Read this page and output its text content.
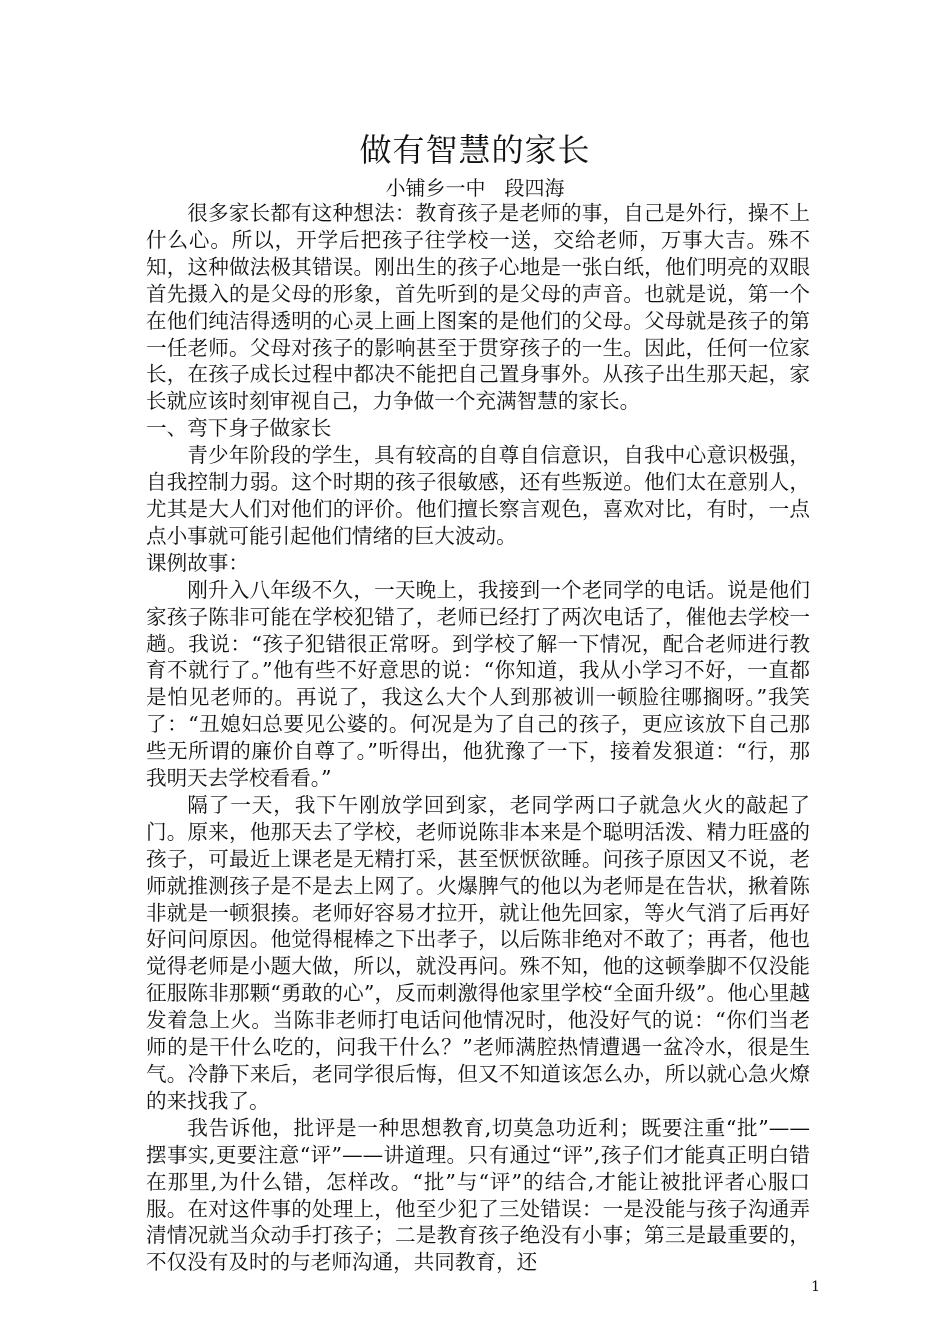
做有智慧的家长
小铺乡一中   段四海

很多家长都有这种想法：教育孩子是老师的事，自己是外行，操不上什么心。所以，开学后把孩子往学校一送，交给老师，万事大吉。殊不知，这种做法极其错误。刚出生的孩子心地是一张白纸，他们明亮的双眼首先摄入的是父母的形象，首先听到的是父母的声音。也就是说，第一个在他们纯洁得透明的心灵上画上图案的是他们的父母。父母就是孩子的第一任老师。父母对孩子的影响甚至于贯穿孩子的一生。因此，任何一位家长，在孩子成长过程中都决不能把自己置身事外。从孩子出生那天起，家长就应该时刻审视自己，力争做一个充满智慧的家长。

一、弯下身子做家长

青少年阶段的学生，具有较高的自尊自信意识，自我中心意识极强，自我控制力弱。这个时期的孩子很敏感，还有些叛逆。他们太在意别人，尤其是大人们对他们的评价。他们擅长察言观色，喜欢对比，有时，一点点小事就可能引起他们情绪的巨大波动。

课例故事：

刚升入八年级不久，一天晚上，我接到一个老同学的电话。说是他们家孩子陈非可能在学校犯错了，老师已经打了两次电话了，催他去学校一趟。我说：“孩子犯错很正常呀。到学校了解一下情况，配合老师进行教育不就行了。”他有些不好意思的说：“你知道，我从小学习不好，一直都是怕见老师的。再说了，我这么大个人到那被训一顿脸往哪搁呀。”我笑了：“丑媳妇总要见公婆的。何况是为了自己的孩子，更应该放下自己那些无所谓的廉价自尊了。”听得出，他犹豫了一下，接着发狠道：“行，那我明天去学校看看。”

隔了一天，我下午刚放学回到家，老同学两口子就急火火的敲起了门。原来，他那天去了学校，老师说陈非本来是个聪明活泼、精力旺盛的孩子，可最近上课老是无精打采，甚至恹恹欲睡。问孩子原因又不说，老师就推测孩子是不是去上网了。火爆脾气的他以为老师是在告状，揪着陈非就是一顿狠揍。老师好容易才拉开，就让他先回家，等火气消了后再好好问问原因。他觉得棍棒之下出孝子，以后陈非绝对不敢了；再者，他也觉得老师是小题大做，所以，就没再问。殊不知，他的这顿拳脚不仅没能征服陈非那颗“勇敢的心”，反而刺激得他家里学校“全面升级”。他心里越发着急上火。当陈非老师打电话问他情况时，他没好气的说：“你们当老师的是干什么吃的，问我干什么？”老师满腔热情遭遇一盆冷水，很是生气。冷静下来后，老同学很后悔，但又不知道该怎么办，所以就心急火燎的来找我了。

我告诉他，批评是一种思想教育,切莫急功近利；既要注重“批”——摆事实,更要注意“评”——讲道理。只有通过“评”,孩子们才能真正明白错在那里,为什么错，怎样改。“批”与“评”的结合,才能让被批评者心服口服。在对这件事的处理上，他至少犯了三处错误：一是没能与孩子沟通弄清情况就当众动手打孩子；二是教育孩子绝没有小事；第三是最重要的，不仅没有及时的与老师沟通，共同教育，还

1
